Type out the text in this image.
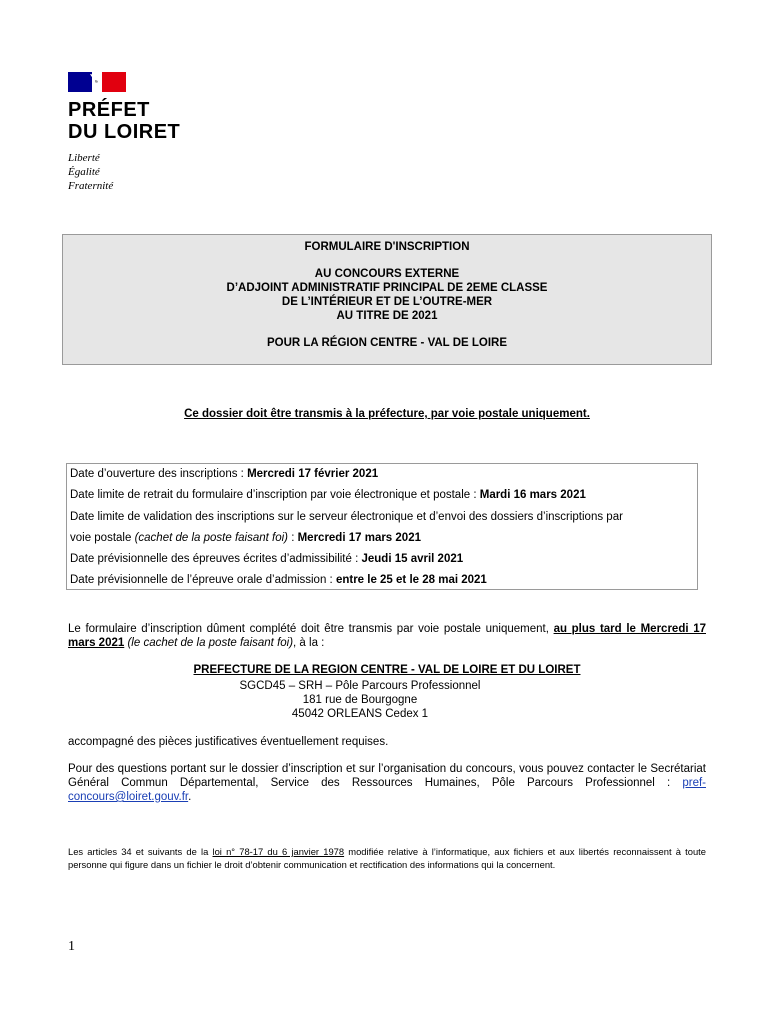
PRÉFET
DU LOIRET
Liberté
Égalité
Fraternité
FORMULAIRE D'INSCRIPTION
AU CONCOURS EXTERNE
D’ADJOINT ADMINISTRATIF PRINCIPAL DE 2EME CLASSE
DE L’INTÉRIEUR ET DE L’OUTRE-MER
AU TITRE DE 2021
POUR LA RÉGION CENTRE - VAL DE LOIRE
Ce dossier doit être transmis à la préfecture, par voie postale uniquement.
Date d’ouverture des inscriptions : Mercredi 17 février 2021
Date limite de retrait du formulaire d’inscription par voie électronique et postale : Mardi 16 mars 2021
Date limite de validation des inscriptions sur le serveur électronique et d’envoi des dossiers d’inscriptions par
voie postale (cachet de la poste faisant foi) : Mercredi 17 mars 2021
Date prévisionnelle des épreuves écrites d’admissibilité : Jeudi 15 avril 2021
Date prévisionnelle de l’épreuve orale d’admission : entre le 25 et le 28 mai 2021
Le formulaire d’inscription dûment complété doit être transmis par voie postale uniquement, au plus tard le Mercredi 17 mars 2021 (le cachet de la poste faisant foi), à la :
PREFECTURE DE LA REGION CENTRE - VAL DE LOIRE ET DU LOIRET
SGCD45 – SRH – Pôle Parcours Professionnel
181 rue de Bourgogne
45042 ORLEANS Cedex 1
accompagné des pièces justificatives éventuellement requises.
Pour des questions portant sur le dossier d’inscription et sur l’organisation du concours, vous pouvez contacter le Secrétariat Général Commun Départemental, Service des Ressources Humaines, Pôle Parcours Professionnel : pref-concours@loiret.gouv.fr.
Les articles 34 et suivants de la loi n° 78-17 du 6 janvier 1978 modifiée relative à l’informatique, aux fichiers et aux libertés reconnaissent à toute personne qui figure dans un fichier le droit d’obtenir communication et rectification des informations qui la concernent.
1
